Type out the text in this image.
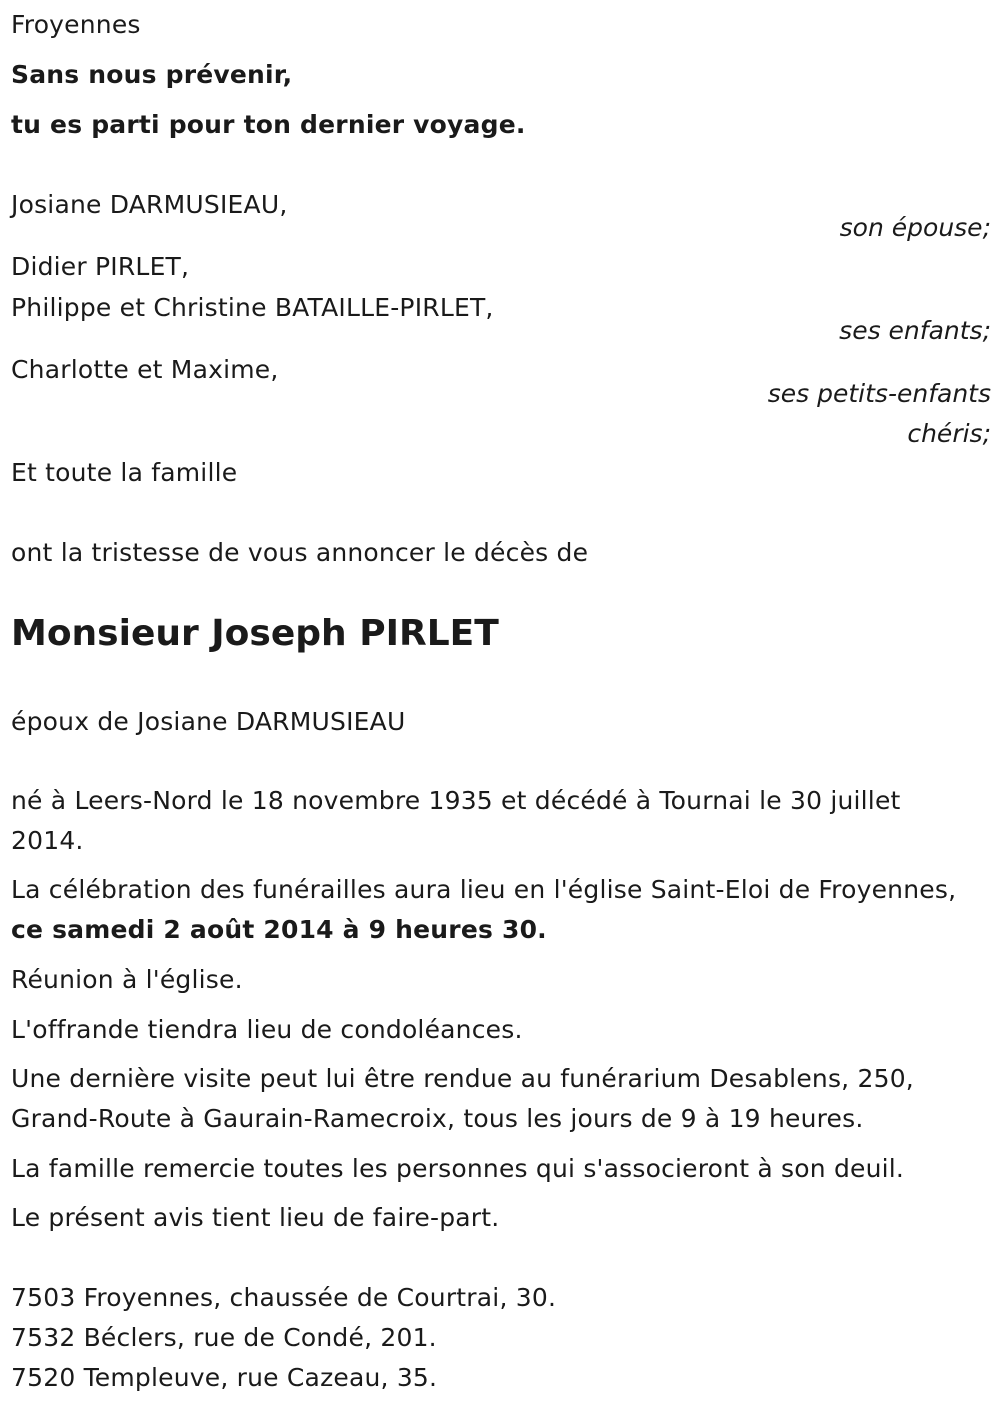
Froyennes
Sans nous prévenir,
tu es parti pour ton dernier voyage.
Josiane DARMUSIEAU,
son épouse;
Didier PIRLET,
Philippe et Christine BATAILLE-PIRLET,
ses enfants;
Charlotte et Maxime,
ses petits-enfants
chéris;
Et toute la famille
ont la tristesse de vous annoncer le décès de
Monsieur Joseph PIRLET
époux de Josiane DARMUSIEAU
né à Leers-Nord le 18 novembre 1935 et décédé à Tournai le 30 juillet
2014.
La célébration des funérailles aura lieu en l'église Saint-Eloi de Froyennes,
ce samedi 2 août 2014 à 9 heures 30.
Réunion à l'église.
L'offrande tiendra lieu de condoléances.
Une dernière visite peut lui être rendue au funérarium Desablens, 250,
Grand-Route à Gaurain-Ramecroix, tous les jours de 9 à 19 heures.
La famille remercie toutes les personnes qui s'associeront à son deuil.
Le présent avis tient lieu de faire-part.
7503 Froyennes, chaussée de Courtrai, 30.
7532 Béclers, rue de Condé, 201.
7520 Templeuve, rue Cazeau, 35.
